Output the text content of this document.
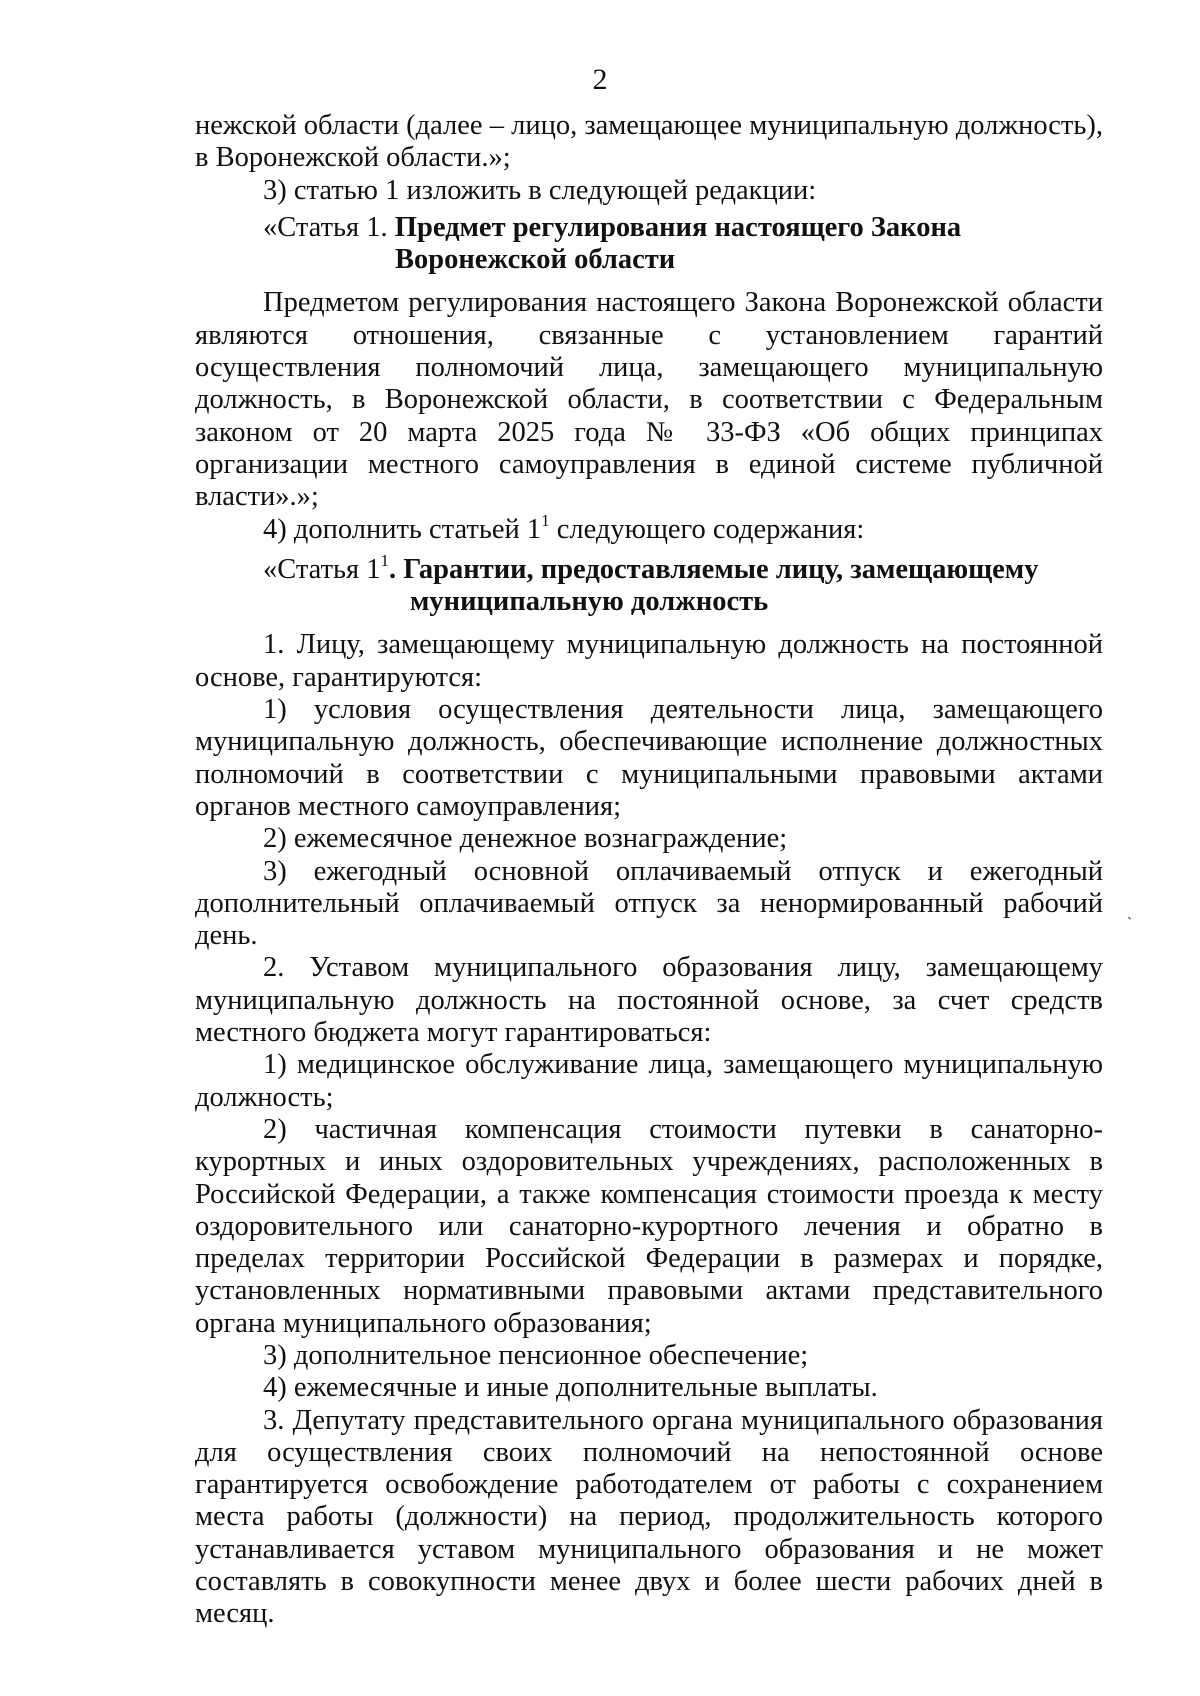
2

нежской области (далее – лицо, замещающее муниципальную должность), в Воронежской области.»;

3) статью 1 изложить в следующей редакции:

«Статья 1. Предмет регулирования настоящего Закона
Воронежской области

Предметом регулирования настоящего Закона Воронежской области являются отношения, связанные с установлением гарантий осуществления полномочий лица, замещающего муниципальную должность, в Воронежской области, в соответствии с Федеральным законом от 20 марта 2025 года № 33-ФЗ «Об общих принципах организации местного самоуправления в единой системе публичной власти».»;

4) дополнить статьей $1^1$ следующего содержания:

«Статья $1^1$. Гарантии, предоставляемые лицу, замещающему
муниципальную должность

1. Лицу, замещающему муниципальную должность на постоянной основе, гарантируются:

1) условия осуществления деятельности лица, замещающего муниципальную должность, обеспечивающие исполнение должностных полномочий в соответствии с муниципальными правовыми актами органов местного самоуправления;

2) ежемесячное денежное вознаграждение;

3) ежегодный основной оплачиваемый отпуск и ежегодный дополнительный оплачиваемый отпуск за ненормированный рабочий день.

2. Уставом муниципального образования лицу, замещающему муниципальную должность на постоянной основе, за счет средств местного бюджета могут гарантироваться:

1) медицинское обслуживание лица, замещающего муниципальную должность;

2) частичная компенсация стоимости путевки в санаторно-курортных и иных оздоровительных учреждениях, расположенных в Российской Федерации, а также компенсация стоимости проезда к месту оздоровительного или санаторно-курортного лечения и обратно в пределах территории Российской Федерации в размерах и порядке, установленных нормативными правовыми актами представительного органа муниципального образования;

3) дополнительное пенсионное обеспечение;

4) ежемесячные и иные дополнительные выплаты.

3. Депутату представительного органа муниципального образования для осуществления своих полномочий на непостоянной основе гарантируется освобождение работодателем от работы с сохранением места работы (должности) на период, продолжительность которого устанавливается уставом муниципального образования и не может составлять в совокупности менее двух и более шести рабочих дней в месяц.

ˏ
